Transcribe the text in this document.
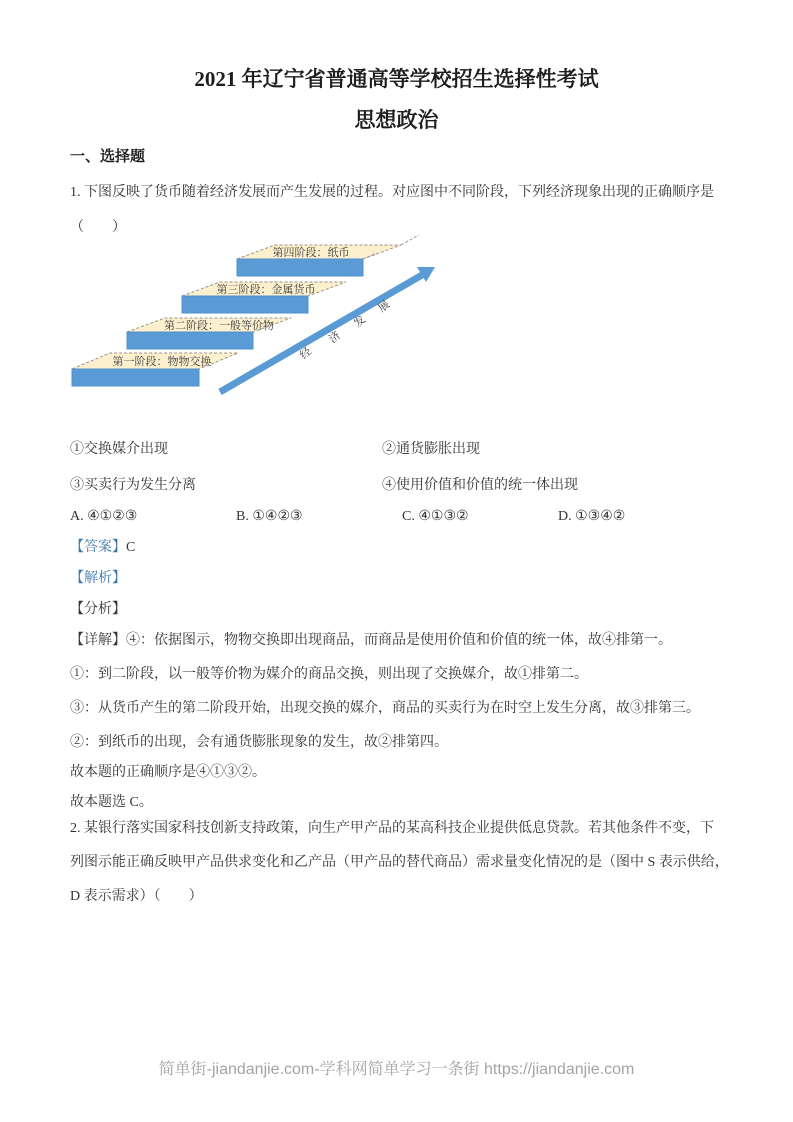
2021 年辽宁省普通高等学校招生选择性考试
思想政治
一、选择题
1. 下图反映了货币随着经济发展而产生发展的过程。对应图中不同阶段，下列经济现象出现的正确顺序是
（　　）
第一阶段：物物交换
第二阶段：一般等价物
第三阶段：金属货币
第四阶段：纸币
经
济
发
展
①交换媒介出现	②通货膨胀出现
③买卖行为发生分离	④使用价值和价值的统一体出现
A. ④①②③	B. ①④②③	C. ④①③②	D. ①③④②
【答案】C
【解析】
【分析】
【详解】④：依据图示，物物交换即出现商品，而商品是使用价值和价值的统一体，故④排第一。
①：到二阶段，以一般等价物为媒介的商品交换，则出现了交换媒介，故①排第二。
③：从货币产生的第二阶段开始，出现交换的媒介，商品的买卖行为在时空上发生分离，故③排第三。
②：到纸币的出现，会有通货膨胀现象的发生，故②排第四。
故本题的正确顺序是④①③②。
故本题选 C。
2. 某银行落实国家科技创新支持政策，向生产甲产品的某高科技企业提供低息贷款。若其他条件不变，下
列图示能正确反映甲产品供求变化和乙产品（甲产品的替代商品）需求量变化情况的是（图中 S 表示供给，
D 表示需求）（　　）
简单街-jiandanjie.com-学科网简单学习一条街 https://jiandanjie.com
